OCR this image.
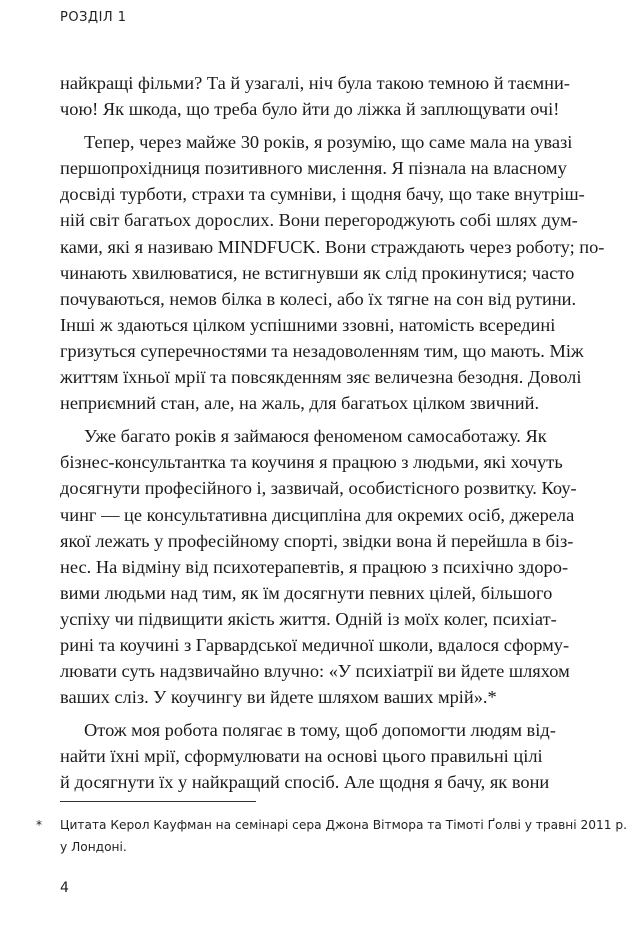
РОЗДІЛ 1
найкращі фільми? Та й узагалі, ніч була такою темною й таємни-
чою! Як шкода, що треба було йти до ліжка й заплющувати очі!
Тепер, через майже 30 років, я розумію, що саме мала на увазі
першопрохідниця позитивного мислення. Я пізнала на власному
досвіді турботи, страхи та сумніви, і щодня бачу, що таке внутріш-
ній світ багатьох дорослих. Вони перегороджують собі шлях дум-
ками, які я називаю MINDFUCK. Вони страждають через роботу; по-
чинають хвилюватися, не встигнувши як слід прокинутися; часто
почуваються, немов білка в колесі, або їх тягне на сон від рутини.
Інші ж здаються цілком успішними ззовні, натомість всередині
гризуться суперечностями та незадоволенням тим, що мають. Між
життям їхньої мрії та повсякденням зяє величезна безодня. Доволі
неприємний стан, але, на жаль, для багатьох цілком звичний.
Уже багато років я займаюся феноменом самосаботажу. Як
бізнес-консультантка та коучиня я працюю з людьми, які хочуть
досягнути професійного і, зазвичай, особистісного розвитку. Коу-
чинг — це консультативна дисципліна для окремих осіб, джерела
якої лежать у професійному спорті, звідки вона й перейшла в біз-
нес. На відміну від психотерапевтів, я працюю з психічно здоро-
вими людьми над тим, як їм досягнути певних цілей, більшого
успіху чи підвищити якість життя. Одній із моїх колег, психіат-
рині та коучині з Гарвардської медичної школи, вдалося сформу-
лювати суть надзвичайно влучно: «У психіатрії ви йдете шляхом
ваших сліз. У коучингу ви йдете шляхом ваших мрій».*
Отож моя робота полягає в тому, щоб допомогти людям від-
найти їхні мрії, сформулювати на основі цього правильні цілі
й досягнути їх у найкращий спосіб. Але щодня я бачу, як вони
* Цитата Керол Кауфман на семінарі сера Джона Вітмора та Тімоті Ґолві у травні 2011 р.
у Лондоні.
4
